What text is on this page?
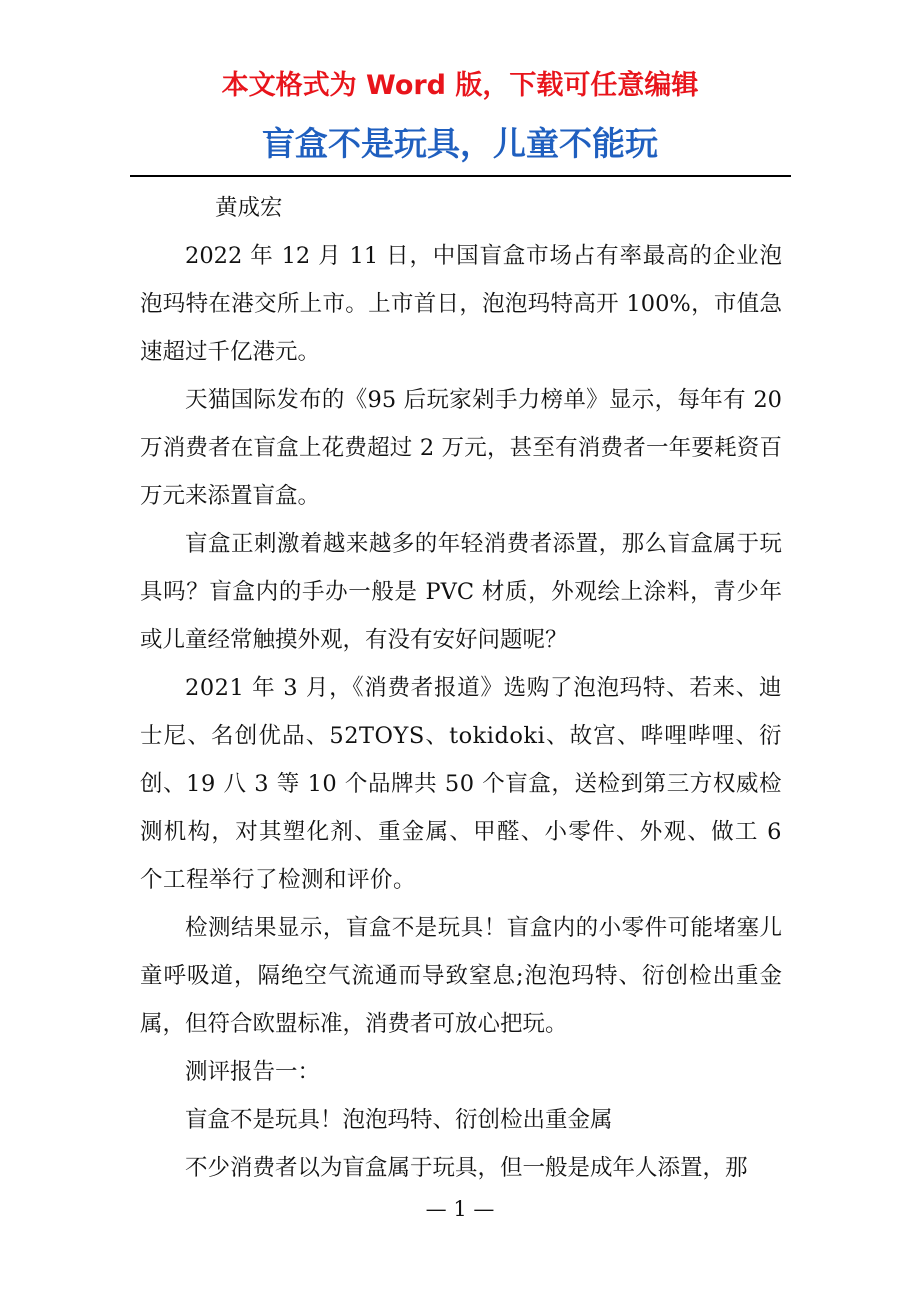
本文格式为 Word 版，下载可任意编辑
盲盒不是玩具，儿童不能玩

黄成宏

2022 年 12 月 11 日，中国盲盒市场占有率最高的企业泡泡玛特在港交所上市。上市首日，泡泡玛特高开 100%，市值急速超过千亿港元。

天猫国际发布的《95 后玩家剁手力榜单》显示，每年有 20 万消费者在盲盒上花费超过 2 万元，甚至有消费者一年要耗资百万元来添置盲盒。

盲盒正刺激着越来越多的年轻消费者添置，那么盲盒属于玩具吗？盲盒内的手办一般是 PVC 材质，外观绘上涂料，青少年或儿童经常触摸外观，有没有安好问题呢？

2021 年 3 月，《消费者报道》选购了泡泡玛特、若来、迪士尼、名创优品、52TOYS、tokidoki、故宫、哔哩哔哩、衍创、19 八 3 等 10 个品牌共 50 个盲盒，送检到第三方权威检测机构，对其塑化剂、重金属、甲醛、小零件、外观、做工 6 个工程举行了检测和评价。

检测结果显示，盲盒不是玩具！盲盒内的小零件可能堵塞儿童呼吸道，隔绝空气流通而导致窒息;泡泡玛特、衍创检出重金属，但符合欧盟标准，消费者可放心把玩。

测评报告一：

盲盒不是玩具！泡泡玛特、衍创检出重金属

不少消费者以为盲盒属于玩具，但一般是成年人添置，那

— 1 —
